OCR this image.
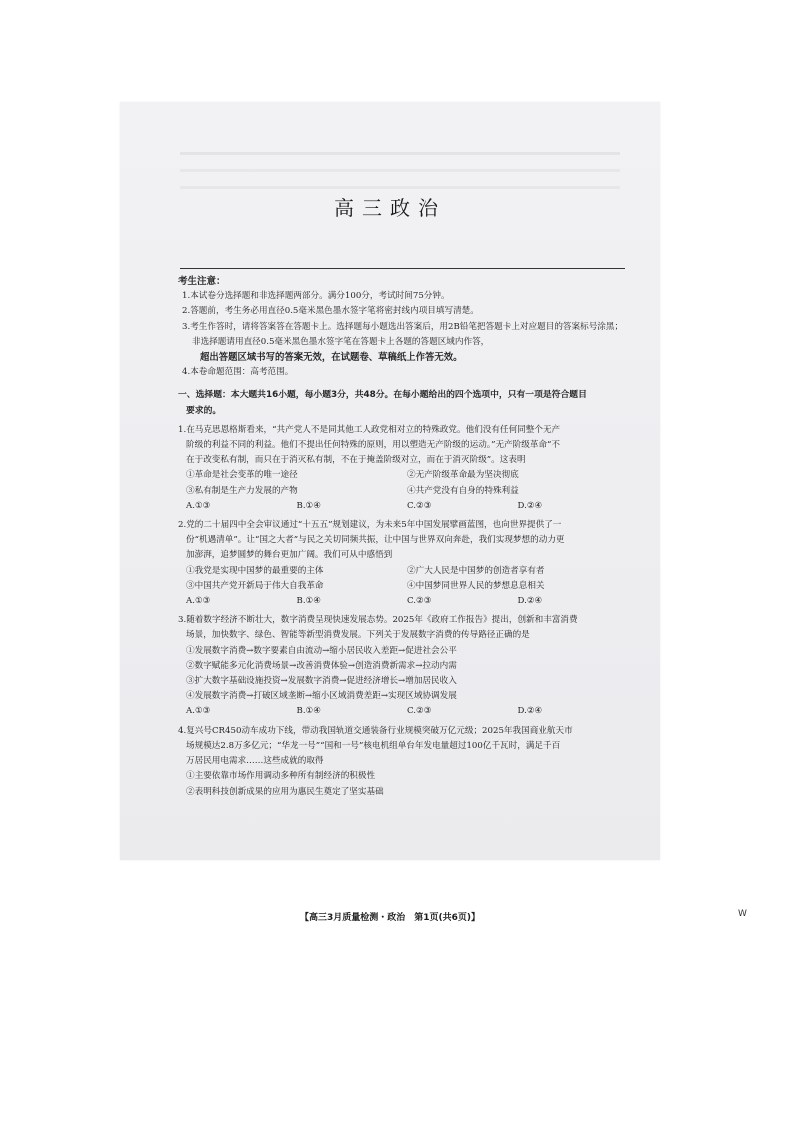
高三政治
考生注意：
1.本试卷分选择题和非选择题两部分。满分100分，考试时间75分钟。
2.答题前，考生务必用直径0.5毫米黑色墨水签字笔将密封线内项目填写清楚。
3.考生作答时，请将答案答在答题卡上。选择题每小题选出答案后，用2B铅笔把答题卡上对应题目的答案标号涂黑；非选择题请用直径0.5毫米黑色墨水签字笔在答题卡上各题的答题区域内作答，
超出答题区域书写的答案无效，在试题卷、草稿纸上作答无效。
4.本卷命题范围：高考范围。
一、选择题：本大题共16小题，每小题3分，共48分。在每小题给出的四个选项中，只有一项是符合题目
要求的。
1.在马克思恩格斯看来，“共产党人不是同其他工人政党相对立的特殊政党。他们没有任何同整个无产
阶级的利益不同的利益。他们不提出任何特殊的原则，用以塑造无产阶级的运动。”无产阶级革命“不
在于改变私有制，而只在于消灭私有制，不在于掩盖阶级对立，而在于消灭阶级”。这表明
①革命是社会变革的唯一途径	②无产阶级革命最为坚决彻底
③私有制是生产力发展的产物	④共产党没有自身的特殊利益
A.①③	B.①④	C.②③	D.②④
2.党的二十届四中全会审议通过“十五五”规划建议，为未来5年中国发展擘画蓝图，也向世界提供了一
份“机遇清单”。让“国之大者”与民之关切同频共振，让中国与世界双向奔赴，我们实现梦想的动力更
加澎湃，追梦圆梦的舞台更加广阔。我们可从中感悟到
①我党是实现中国梦的最重要的主体	②广大人民是中国梦的创造者享有者
③中国共产党开新局于伟大自我革命	④中国梦同世界人民的梦想息息相关
A.①③	B.①④	C.②③	D.②④
3.随着数字经济不断壮大，数字消费呈现快速发展态势。2025年《政府工作报告》提出，创新和丰富消费
场景，加快数字、绿色、智能等新型消费发展。下列关于发展数字消费的传导路径正确的是
①发展数字消费→数字要素自由流动→缩小居民收入差距→促进社会公平
②数字赋能多元化消费场景→改善消费体验→创造消费新需求→拉动内需
③扩大数字基础设施投资→发展数字消费→促进经济增长→增加居民收入
④发展数字消费→打破区域垄断→缩小区域消费差距→实现区域协调发展
A.①③	B.①④	C.②③	D.②④
4.复兴号CR450动车成功下线，带动我国轨道交通装备行业规模突破万亿元级；2025年我国商业航天市
场规模达2.8万多亿元；“华龙一号”“国和一号”核电机组单台年发电量超过100亿千瓦时，满足千百
万居民用电需求……这些成就的取得
①主要依靠市场作用调动多种所有制经济的积极性
②表明科技创新成果的应用为惠民生奠定了坚实基础
【高三3月质量检测・政治　第1页(共6页)】	W
